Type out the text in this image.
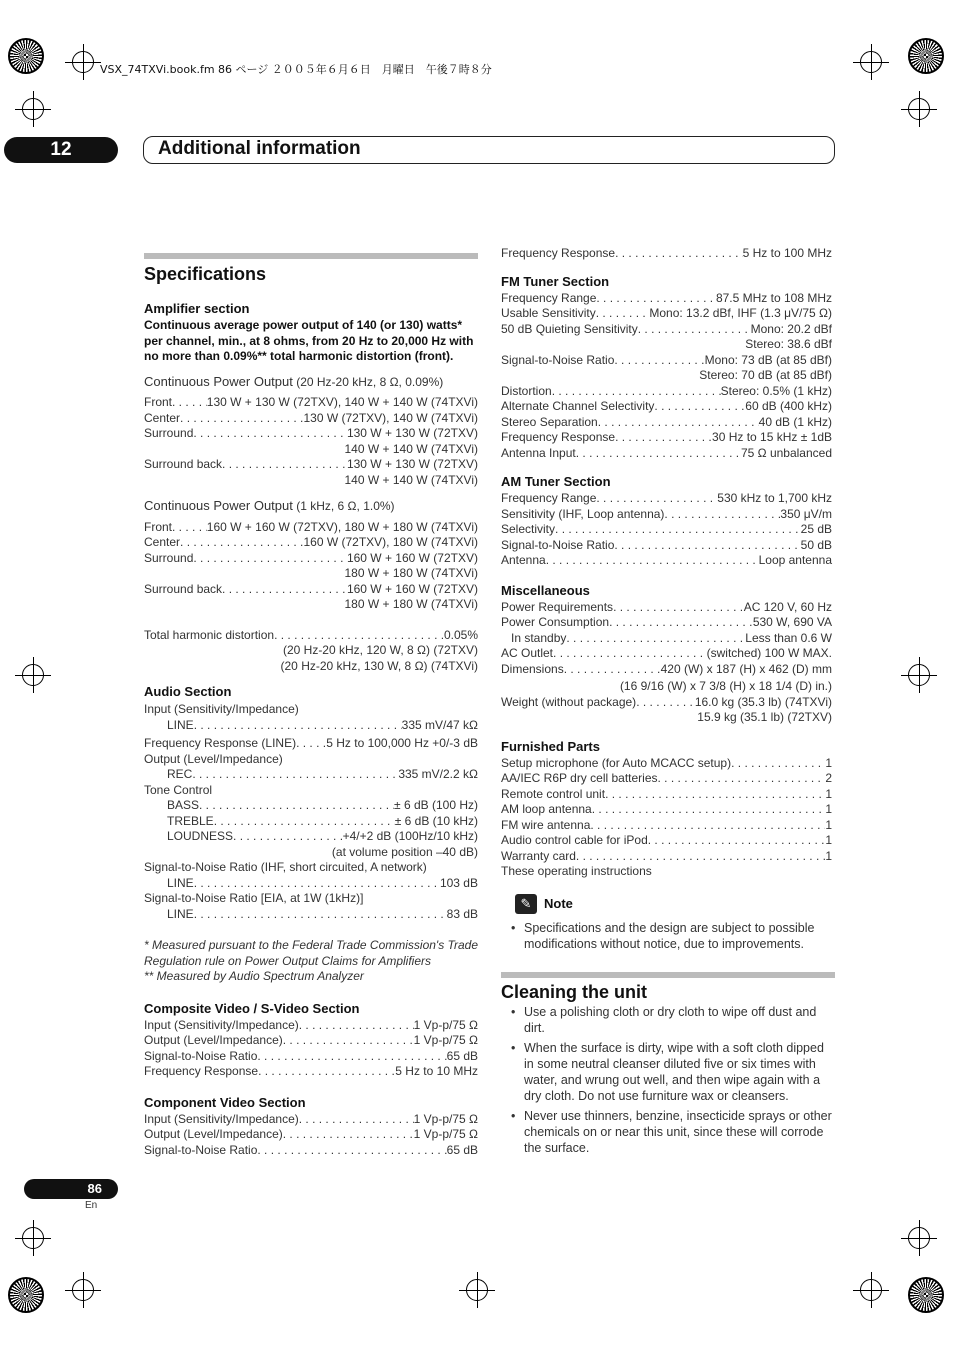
VSX_74TXVi.book.fm 86 ページ ２００５年６月６日　月曜日　午後７時８分
12	Additional information
Specifications
Amplifier section
Continuous average power output of 140 (or 130) watts* per channel, min., at 8 ohms, from 20 Hz to 20,000 Hz with no more than 0.09%** total harmonic distortion (front).
Continuous Power Output (20 Hz-20 kHz, 8 Ω, 0.09%)
Front . . .	130 W + 130 W (72TXV), 140 W + 140 W (74TXVi)
Center . . .	130 W (72TXV), 140 W (74TXVi)
Surround . . .	130 W + 130 W (72TXV)
140 W + 140 W (74TXVi)
Surround back . . .	130 W + 130 W (72TXV)
140 W + 140 W (74TXVi)
Continuous Power Output (1 kHz, 6 Ω, 1.0%)
Front . . .	160 W + 160 W (72TXV), 180 W + 180 W (74TXVi)
Center . . .	160 W (72TXV), 180 W (74TXVi)
Surround . . .	160 W + 160 W (72TXV)
180 W + 180 W (74TXVi)
Surround back . . .	160 W + 160 W (72TXV)
180 W + 180 W (74TXVi)
Total harmonic distortion . . .	0.05%
(20 Hz-20 kHz, 120 W, 8 Ω) (72TXV)
(20 Hz-20 kHz, 130 W, 8 Ω) (74TXVi)
Audio Section
Input (Sensitivity/Impedance)
LINE . . .	335 mV/47 kΩ
Frequency Response (LINE) . . .	5 Hz to 100,000 Hz +0/-3 dB
Output (Level/Impedance)
REC . . .	335 mV/2.2 kΩ
Tone Control
BASS . . .	± 6 dB (100 Hz)
TREBLE . . .	± 6 dB (10 kHz)
LOUDNESS . . .	+4/+2 dB (100Hz/10 kHz)
(at volume position –40 dB)
Signal-to-Noise Ratio (IHF, short circuited, A network)
LINE . . .	103 dB
Signal-to-Noise Ratio [EIA, at 1W (1kHz)]
LINE . . .	83 dB
* Measured pursuant to the Federal Trade Commission's Trade Regulation rule on Power Output Claims for Amplifiers
** Measured by Audio Spectrum Analyzer
Composite Video / S-Video Section
Input (Sensitivity/Impedance) . . .	1 Vp-p/75 Ω
Output (Level/Impedance) . . .	1 Vp-p/75 Ω
Signal-to-Noise Ratio . . .	65 dB
Frequency Response . . .	5 Hz to 10 MHz
Component Video Section
Input (Sensitivity/Impedance) . . .	1 Vp-p/75 Ω
Output (Level/Impedance) . . .	1 Vp-p/75 Ω
Signal-to-Noise Ratio . . .	65 dB
Frequency Response . . .	5 Hz to 100 MHz
FM Tuner Section
Frequency Range . . .	87.5 MHz to 108 MHz
Usable Sensitivity . . .	Mono: 13.2 dBf, IHF (1.3 μV/75 Ω)
50 dB Quieting Sensitivity . . .	Mono: 20.2 dBf
Stereo: 38.6 dBf
Signal-to-Noise Ratio . . .	Mono: 73 dB (at 85 dBf)
Stereo: 70 dB (at 85 dBf)
Distortion . . .	Stereo: 0.5% (1 kHz)
Alternate Channel Selectivity . . .	60 dB (400 kHz)
Stereo Separation . . .	40 dB (1 kHz)
Frequency Response . . .	30 Hz to 15 kHz ± 1dB
Antenna Input . . .	75 Ω unbalanced
AM Tuner Section
Frequency Range . . .	530 kHz to 1,700 kHz
Sensitivity (IHF, Loop antenna) . . .	350 μV/m
Selectivity . . .	25 dB
Signal-to-Noise Ratio . . .	50 dB
Antenna . . .	Loop antenna
Miscellaneous
Power Requirements . . .	AC 120 V, 60 Hz
Power Consumption . . .	530 W, 690 VA
In standby . . .	Less than 0.6 W
AC Outlet . . .	(switched) 100 W MAX.
Dimensions . . .	420 (W) x 187 (H) x 462 (D) mm
(16 9/16 (W) x 7 3/8 (H) x 18 1/4 (D) in.)
Weight (without package) . . .	16.0 kg (35.3 lb) (74TXVi)
15.9 kg (35.1 lb) (72TXV)
Furnished Parts
Setup microphone (for Auto MCACC setup) . . .	1
AA/IEC R6P dry cell batteries . . .	2
Remote control unit . . .	1
AM loop antenna . . .	1
FM wire antenna . . .	1
Audio control cable for iPod . . .	1
Warranty card . . .	1
These operating instructions
✎ Note
• Specifications and the design are subject to possible modifications without notice, due to improvements.
Cleaning the unit
• Use a polishing cloth or dry cloth to wipe off dust and dirt.
• When the surface is dirty, wipe with a soft cloth dipped in some neutral cleanser diluted five or six times with water, and wrung out well, and then wipe again with a dry cloth. Do not use furniture wax or cleansers.
• Never use thinners, benzine, insecticide sprays or other chemicals on or near this unit, since these will corrode the surface.
86
En
